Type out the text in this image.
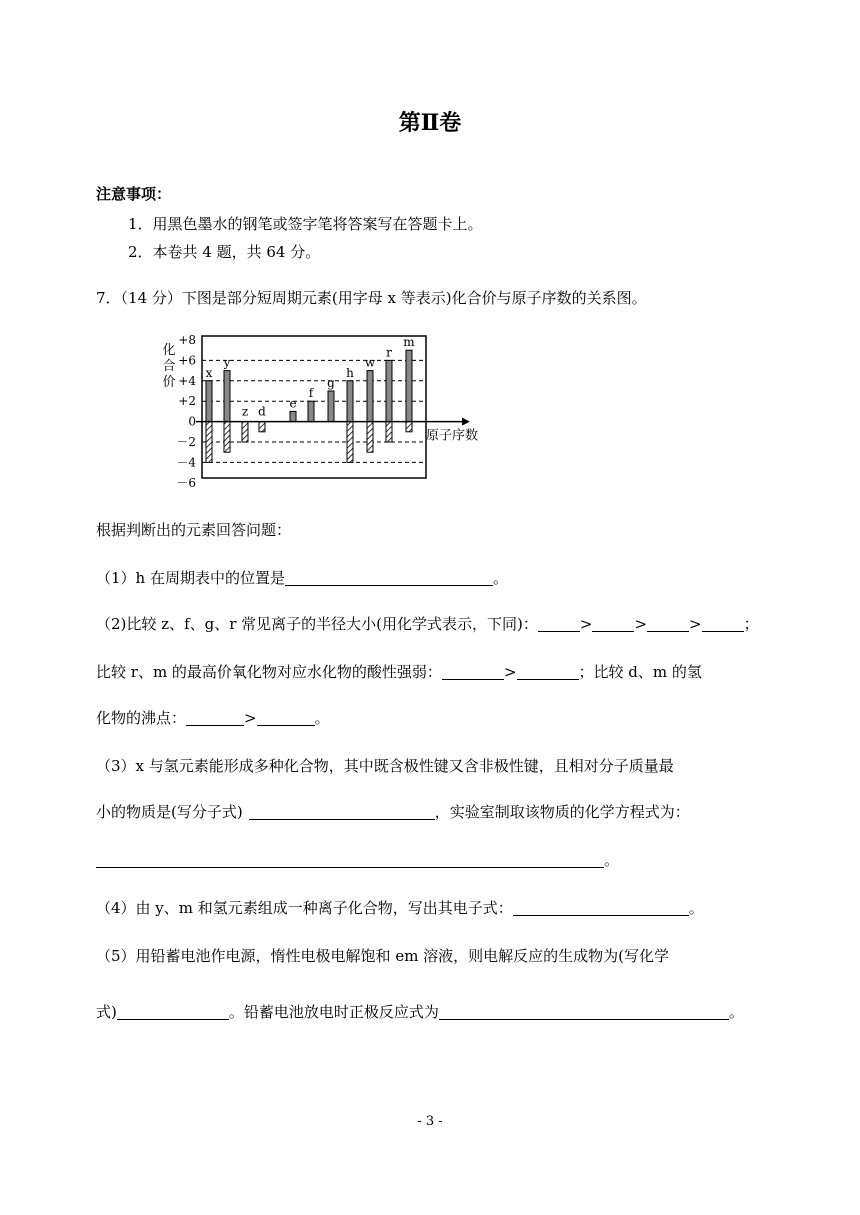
第Ⅱ卷
注意事项：
1．用黑色墨水的钢笔或签字笔将答案写在答题卡上。
2．本卷共 4 题，共 64 分。
7．（14 分）下图是部分短周期元素(用字母 x 等表示)化合价与原子序数的关系图。
+8
+6
+4
+2
0
－2
－4
－6
x
y
z d
e
f
g
h
w
r
m
原子序数
化
合
价
根据判断出的元素回答问题：
（1）h 在周期表中的位置是	。
（2)比较 z、f、g、r 常见离子的半径大小(用化学式表示，下同)：	>	>	>	；
比较 r、m 的最高价氧化物对应水化物的酸性强弱：	>	；比较 d、m 的氢
化物的沸点：	>	。
（3）x 与氢元素能形成多种化合物，其中既含极性键又含非极性键，且相对分子质量最
小的物质是(写分子式)	，实验室制取该物质的化学方程式为：
。
（4）由 y、m 和氢元素组成一种离子化合物，写出其电子式：	。
（5）用铅蓄电池作电源，惰性电极电解饱和 em 溶液，则电解反应的生成物为(写化学
式)	。铅蓄电池放电时正极反应式为	。
- 3 -
